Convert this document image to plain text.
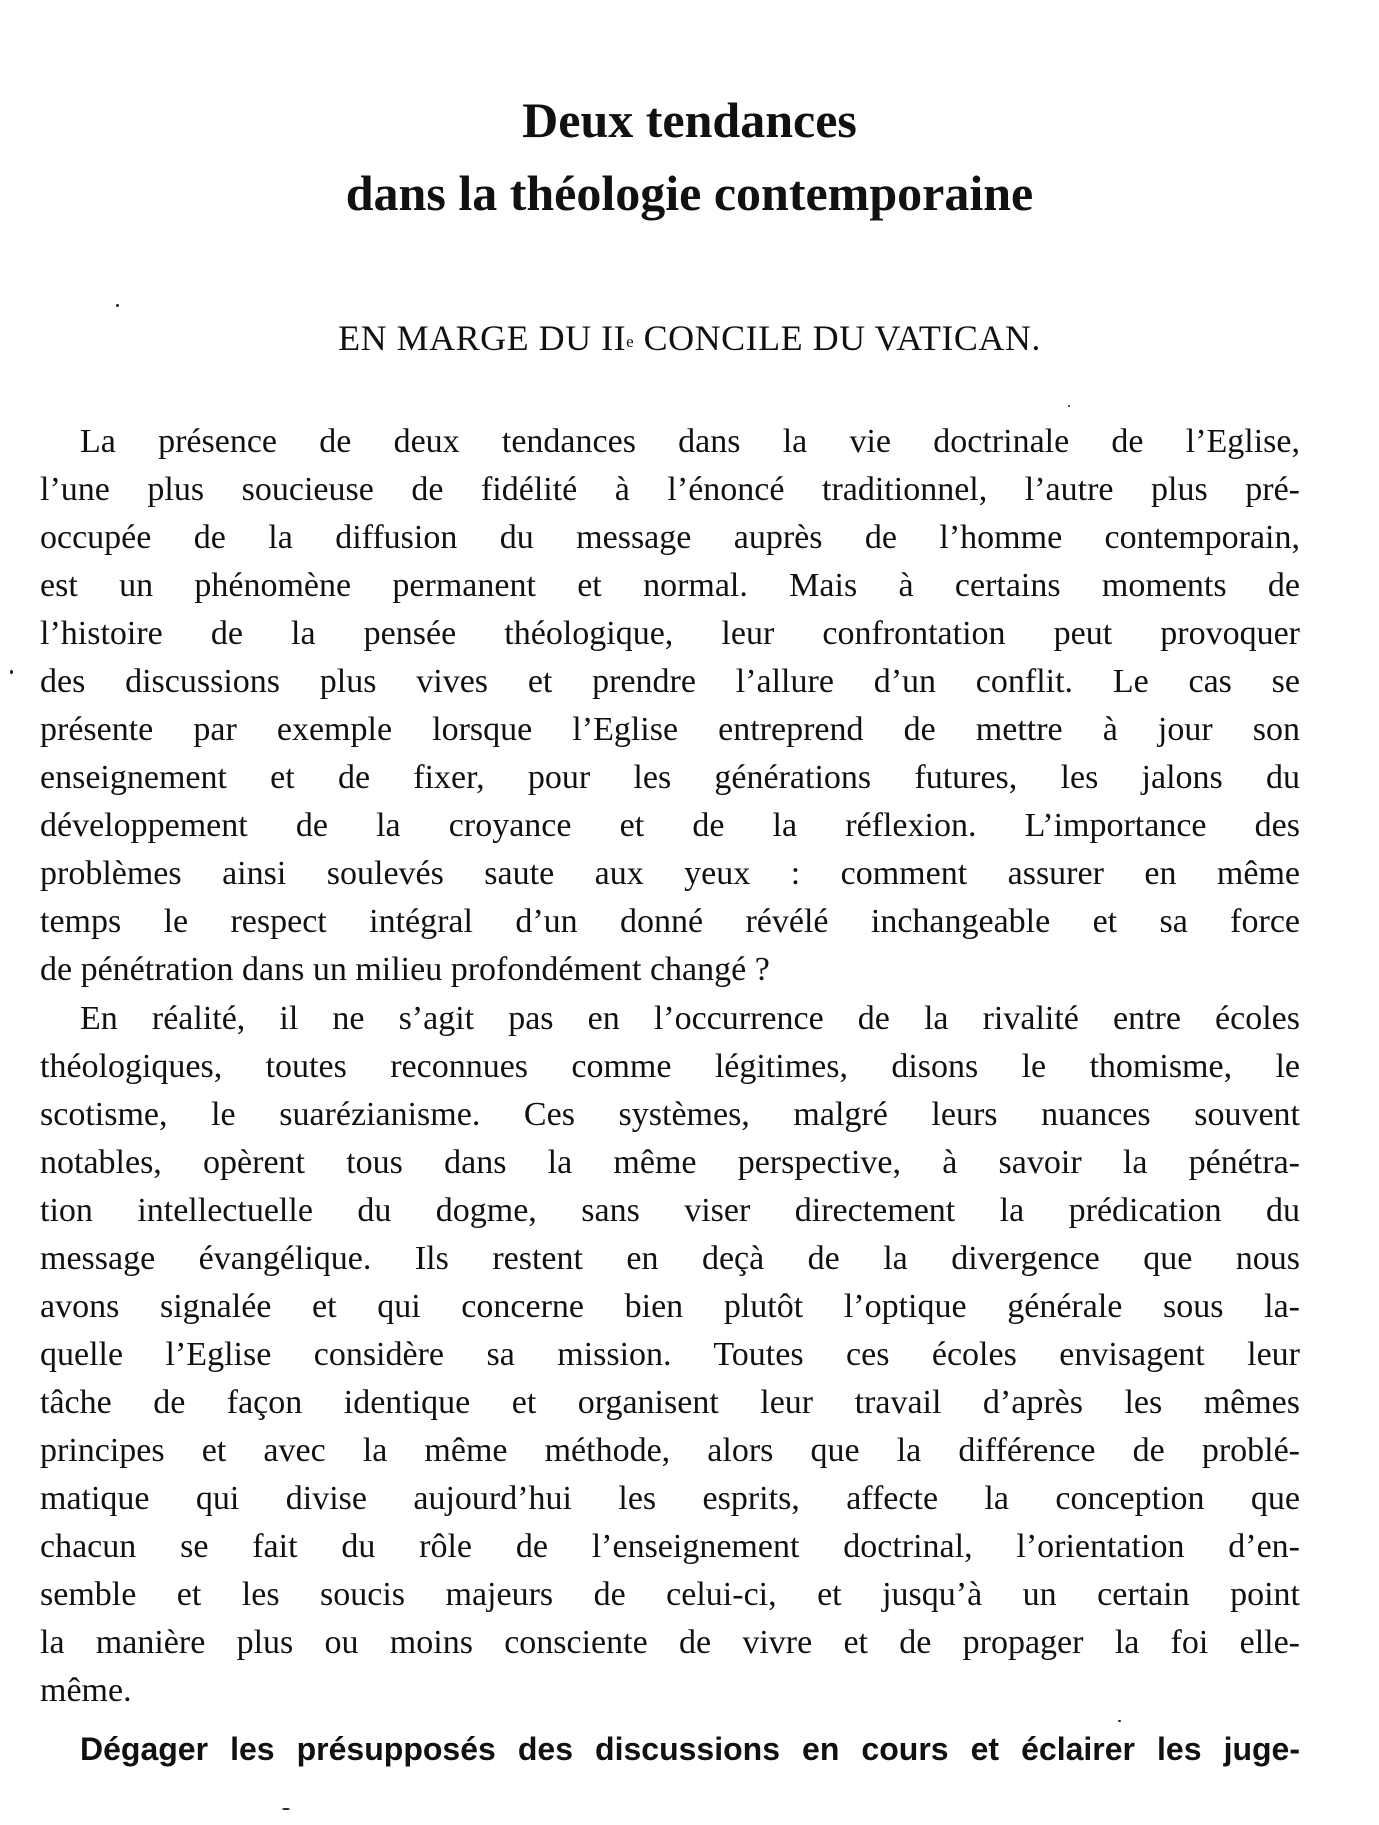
Deux tendances
dans la théologie contemporaine

EN MARGE DU IIe CONCILE DU VATICAN.

La présence de deux tendances dans la vie doctrinale de l’Eglise,
l’une plus soucieuse de fidélité à l’énoncé traditionnel, l’autre plus pré-
occupée de la diffusion du message auprès de l’homme contemporain,
est un phénomène permanent et normal. Mais à certains moments de
l’histoire de la pensée théologique, leur confrontation peut provoquer
des discussions plus vives et prendre l’allure d’un conflit. Le cas se
présente par exemple lorsque l’Eglise entreprend de mettre à jour son
enseignement et de fixer, pour les générations futures, les jalons du
développement de la croyance et de la réflexion. L’importance des
problèmes ainsi soulevés saute aux yeux : comment assurer en même
temps le respect intégral d’un donné révélé inchangeable et sa force
de pénétration dans un milieu profondément changé ?
En réalité, il ne s’agit pas en l’occurrence de la rivalité entre écoles
théologiques, toutes reconnues comme légitimes, disons le thomisme, le
scotisme, le suarézianisme. Ces systèmes, malgré leurs nuances souvent
notables, opèrent tous dans la même perspective, à savoir la pénétra-
tion intellectuelle du dogme, sans viser directement la prédication du
message évangélique. Ils restent en deçà de la divergence que nous
avons signalée et qui concerne bien plutôt l’optique générale sous la-
quelle l’Eglise considère sa mission. Toutes ces écoles envisagent leur
tâche de façon identique et organisent leur travail d’après les mêmes
principes et avec la même méthode, alors que la différence de problé-
matique qui divise aujourd’hui les esprits, affecte la conception que
chacun se fait du rôle de l’enseignement doctrinal, l’orientation d’en-
semble et les soucis majeurs de celui-ci, et jusqu’à un certain point
la manière plus ou moins consciente de vivre et de propager la foi elle-
même.
Dégager les présupposés des discussions en cours et éclairer les juge-
